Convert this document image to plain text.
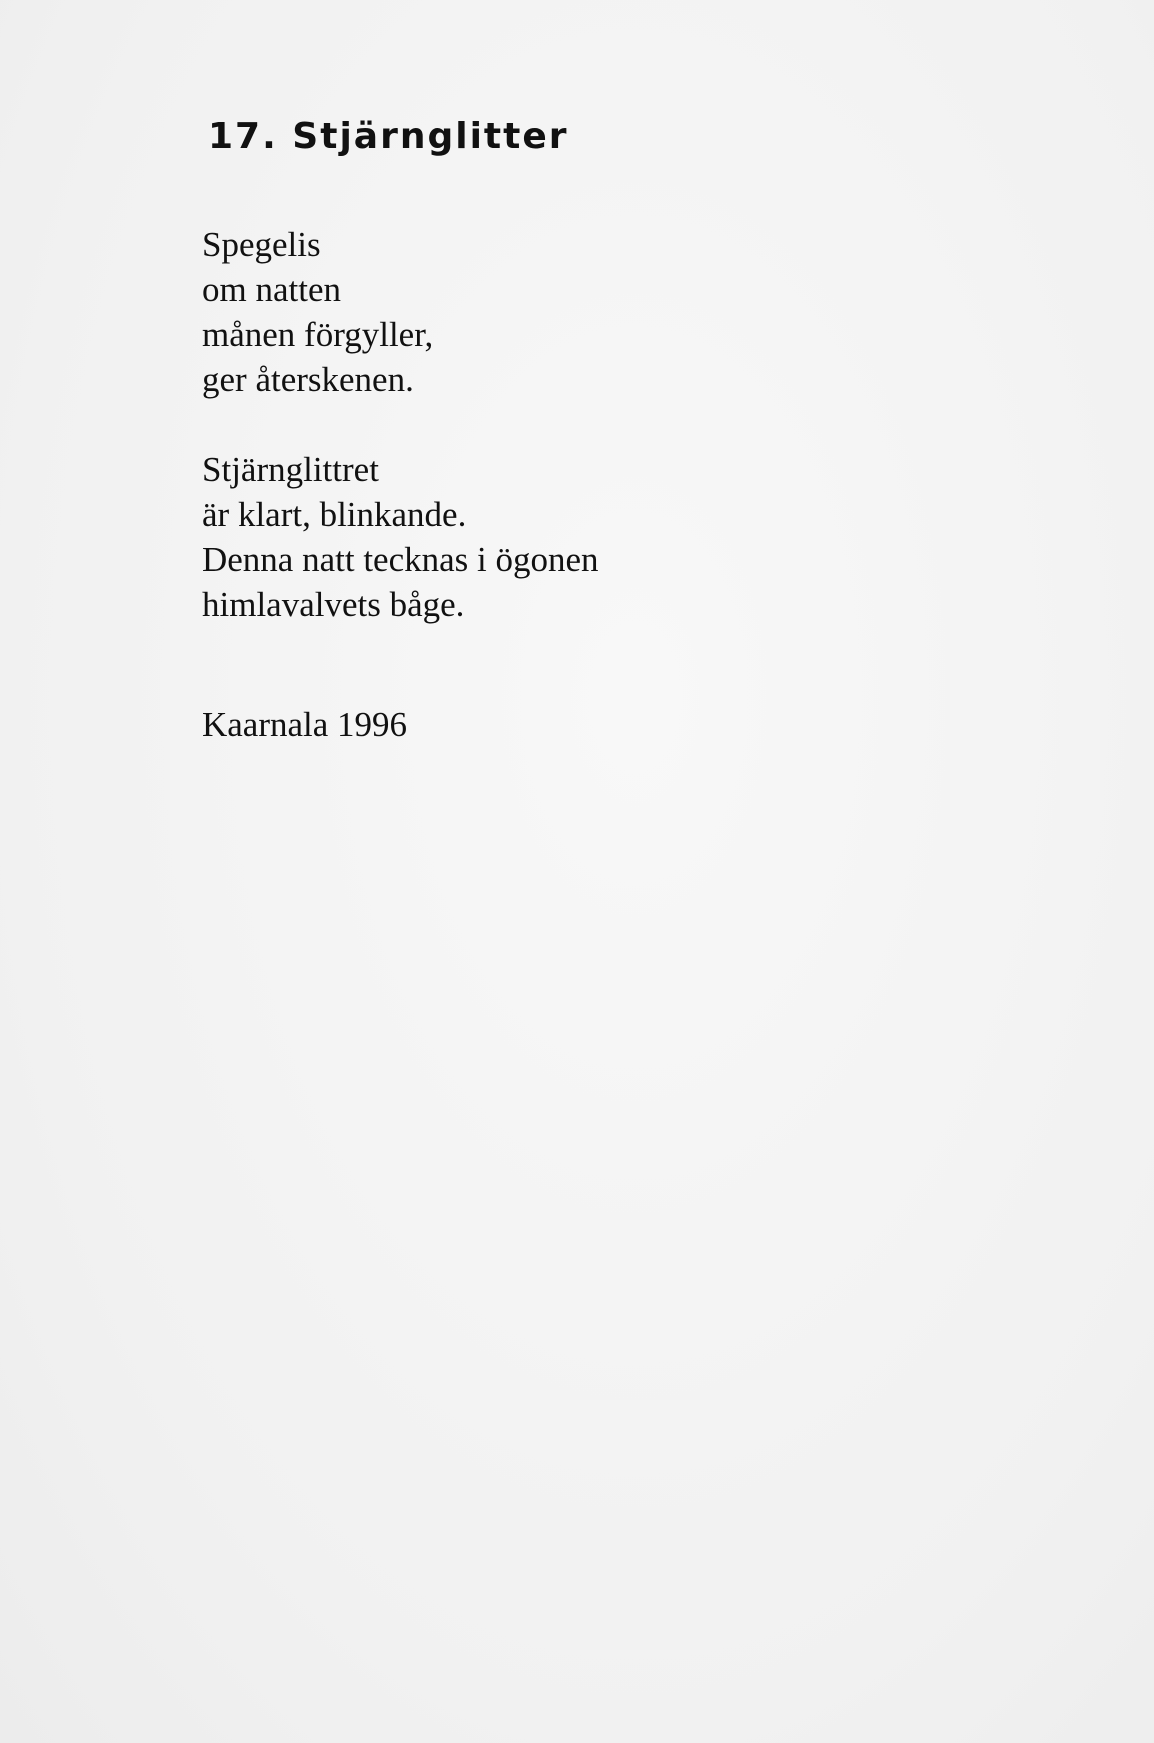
17. Stjärnglitter

Spegelis
om natten
månen förgyller,
ger återskenen.

Stjärnglittret
är klart, blinkande.
Denna natt tecknas i ögonen
himlavalvets båge.

Kaarnala 1996
